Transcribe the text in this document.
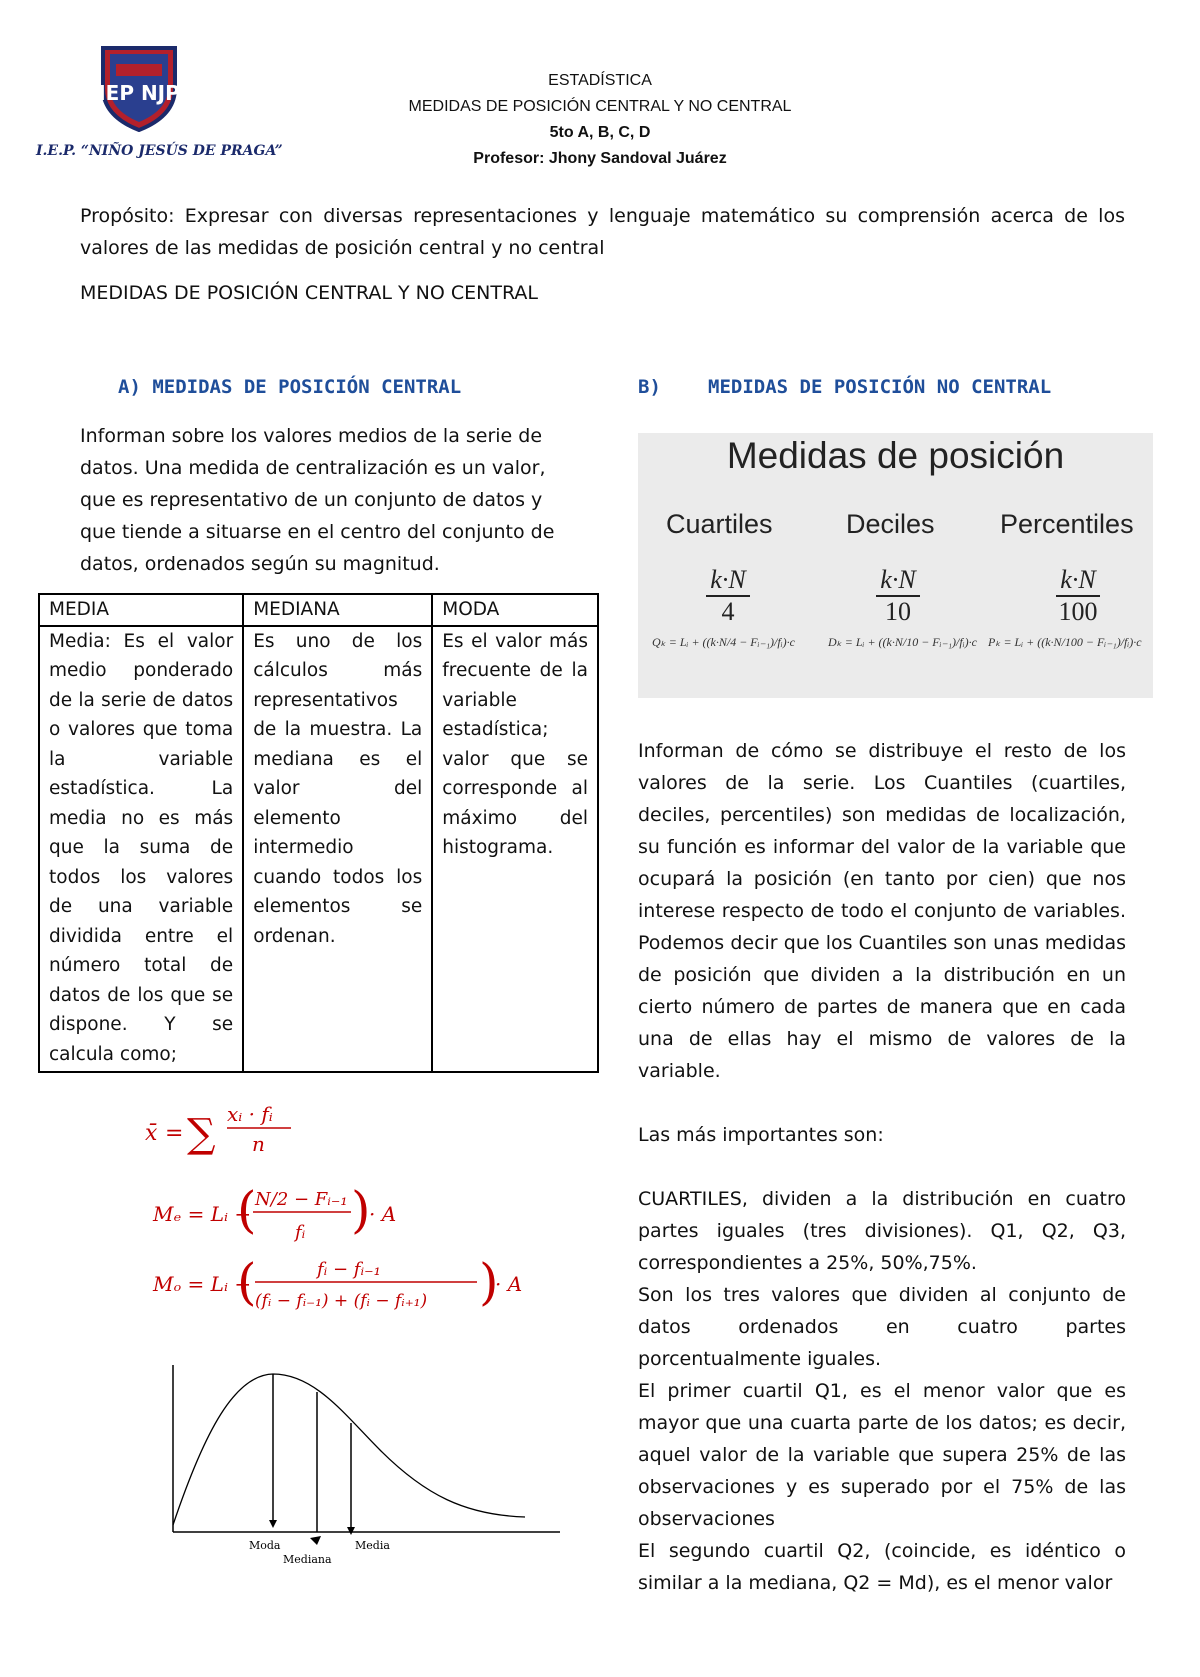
IEP NJP
I.E.P. “NIÑO JESÚS DE PRAGA”
ESTADÍSTICA
MEDIDAS DE POSICIÓN CENTRAL Y NO CENTRAL
5to A, B, C, D
Profesor: Jhony Sandoval Juárez
Propósito: Expresar con diversas representaciones y lenguaje matemático su comprensión acerca de los valores de las medidas de posición central y no central
MEDIDAS DE POSICIÓN CENTRAL Y NO CENTRAL
A) MEDIDAS DE POSICIÓN CENTRAL
Informan sobre los valores medios de la serie de datos. Una medida de centralización es un valor, que es representativo de un conjunto de datos y que tiende a situarse en el centro del conjunto de datos, ordenados según su magnitud.
MEDIA	MEDIANA	MODA
Media: Es el valor medio ponderado de la serie de datos o valores que toma la variable estadística. La media no es más que la suma de todos los valores de una variable dividida entre el número total de datos de los que se dispone. Y se calcula como;	Es uno de los cálculos más representativos de la muestra. La mediana es el valor del elemento intermedio cuando todos los elementos se ordenan.	Es el valor más frecuente de la variable estadística; valor que se corresponde al máximo del histograma.
x̄ = ∑ xᵢ · fᵢ
n
Mₑ = Lᵢ +
(
N/2 − Fᵢ₋₁
fᵢ )
· A
Mₒ = Lᵢ +
(	fᵢ − fᵢ₋₁
(fᵢ − fᵢ₋₁) + (fᵢ − fᵢ₊₁) )
· A
Moda
Mediana
Media
B) MEDIDAS DE POSICIÓN NO CENTRAL
Medidas de posición
Cuartiles	Deciles Percentiles
$\frac{k\cdot N}{4}$	$\frac{k\cdot N}{10}$	$\frac{k\cdot N}{100}$
Qₖ = Lᵢ + ((k·N/4 − Fᵢ₋₁)/fᵢ)·c	Dₖ = Lᵢ + ((k·N/10 − Fᵢ₋₁)/fᵢ)·c Pₖ = Lᵢ + ((k·N/100 − Fᵢ₋₁)/fᵢ)·c

Informan de cómo se distribuye el resto de los valores de la serie. Los Cuantiles (cuartiles, deciles, percentiles) son medidas de localización, su función es informar del valor de la variable que ocupará la posición (en tanto por cien) que nos interese respecto de todo el conjunto de variables. Podemos decir que los Cuantiles son unas medidas de posición que dividen a la distribución en un cierto número de partes de manera que en cada una de ellas hay el mismo de valores de la variable.

Las más importantes son:

CUARTILES, dividen a la distribución en cuatro partes iguales (tres divisiones). Q1, Q2, Q3, correspondientes a 25%, 50%,75%.

Son los tres valores que dividen al conjunto de datos ordenados en cuatro partes porcentualmente iguales.

El primer cuartil Q1, es el menor valor que es mayor que una cuarta parte de los datos; es decir, aquel valor de la variable que supera 25% de las observaciones y es superado por el 75% de las observaciones

El segundo cuartil Q2, (coincide, es idéntico o similar a la mediana, Q2 = Md), es el menor valor
